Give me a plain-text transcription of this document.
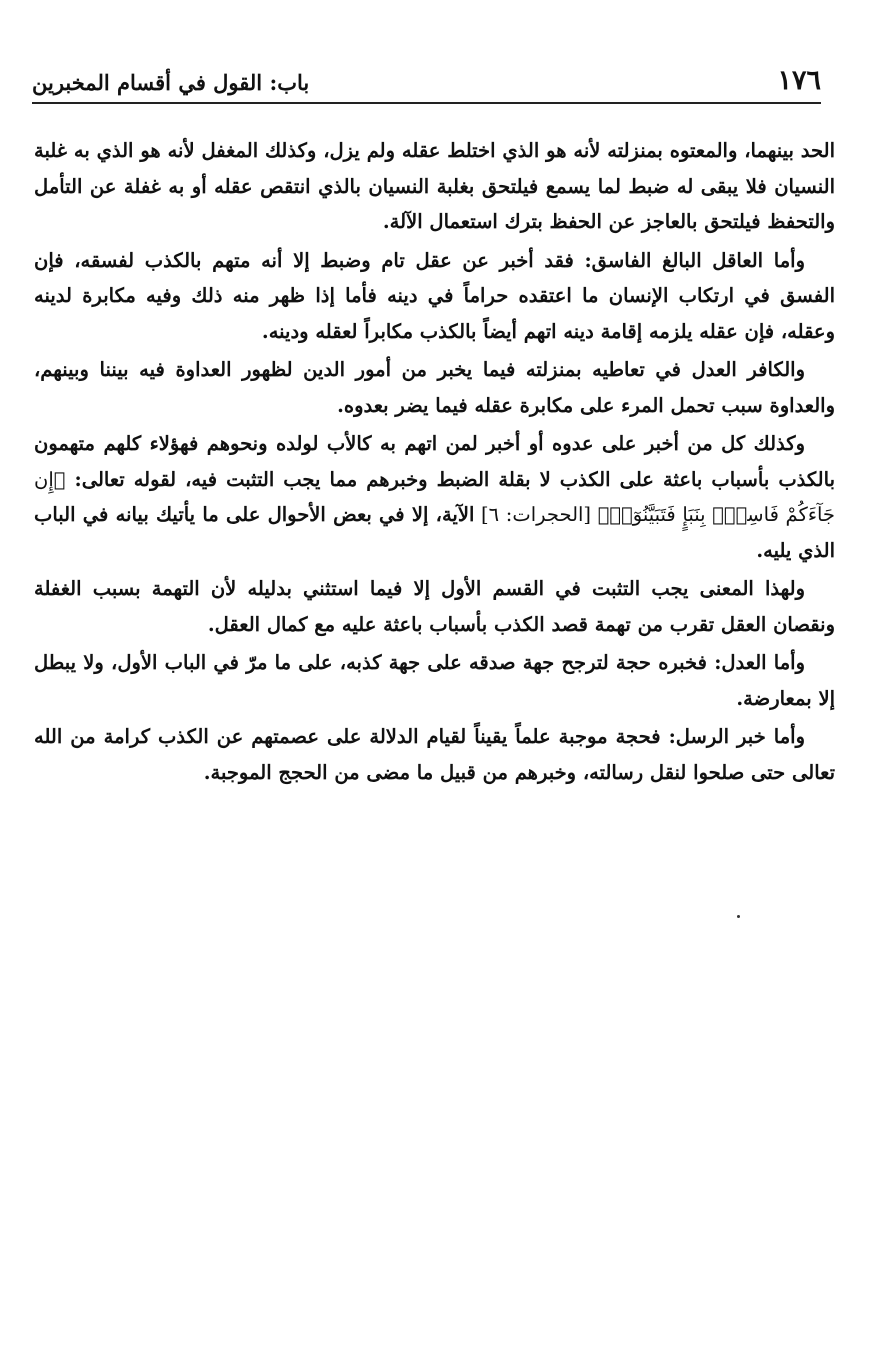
١٧٦
باب: القول في أقسام المخبرين

الحد بينهما، والمعتوه بمنزلته لأنه هو الذي اختلط عقله ولم يزل، وكذلك المغفل لأنه هو الذي به غلبة النسيان فلا يبقى له ضبط لما يسمع فيلتحق بغلبة النسيان بالذي انتقص عقله أو به غفلة عن التأمل والتحفظ فيلتحق بالعاجز عن الحفظ بترك استعمال الآلة.

وأما العاقل البالغ الفاسق: فقد أخبر عن عقل تام وضبط إلا أنه متهم بالكذب لفسقه، فإن الفسق في ارتكاب الإنسان ما اعتقده حراماً في دينه فأما إذا ظهر منه ذلك وفيه مكابرة لدينه وعقله، فإن عقله يلزمه إقامة دينه اتهم أيضاً بالكذب مكابراً لعقله ودينه.

والكافر العدل في تعاطيه بمنزلته فيما يخبر من أمور الدين لظهور العداوة فيه بيننا وبينهم، والعداوة سبب تحمل المرء على مكابرة عقله فيما يضر بعدوه.

وكذلك كل من أخبر على عدوه أو أخبر لمن اتهم به كالأب لولده ونحوهم فهؤلاء كلهم متهمون بالكذب بأسباب باعثة على الكذب لا بقلة الضبط وخبرهم مما يجب التثبت فيه، لقوله تعالى: ﴿إِن جَآءَكُمْ فَاسِقُۢ بِنَبَإٍ فَتَبَيَّنُوٓا۟﴾ [الحجرات: ٦] الآية، إلا في بعض الأحوال على ما يأتيك بيانه في الباب الذي يليه.

ولهذا المعنى يجب التثبت في القسم الأول إلا فيما استثني بدليله لأن التهمة بسبب الغفلة ونقصان العقل تقرب من تهمة قصد الكذب بأسباب باعثة عليه مع كمال العقل.

وأما العدل: فخبره حجة لترجح جهة صدقه على جهة كذبه، على ما مرّ في الباب الأول، ولا يبطل إلا بمعارضة.

وأما خبر الرسل: فحجة موجبة علماً يقيناً لقيام الدلالة على عصمتهم عن الكذب كرامة من الله تعالى حتى صلحوا لنقل رسالته، وخبرهم من قبيل ما مضى من الحجج الموجبة.
